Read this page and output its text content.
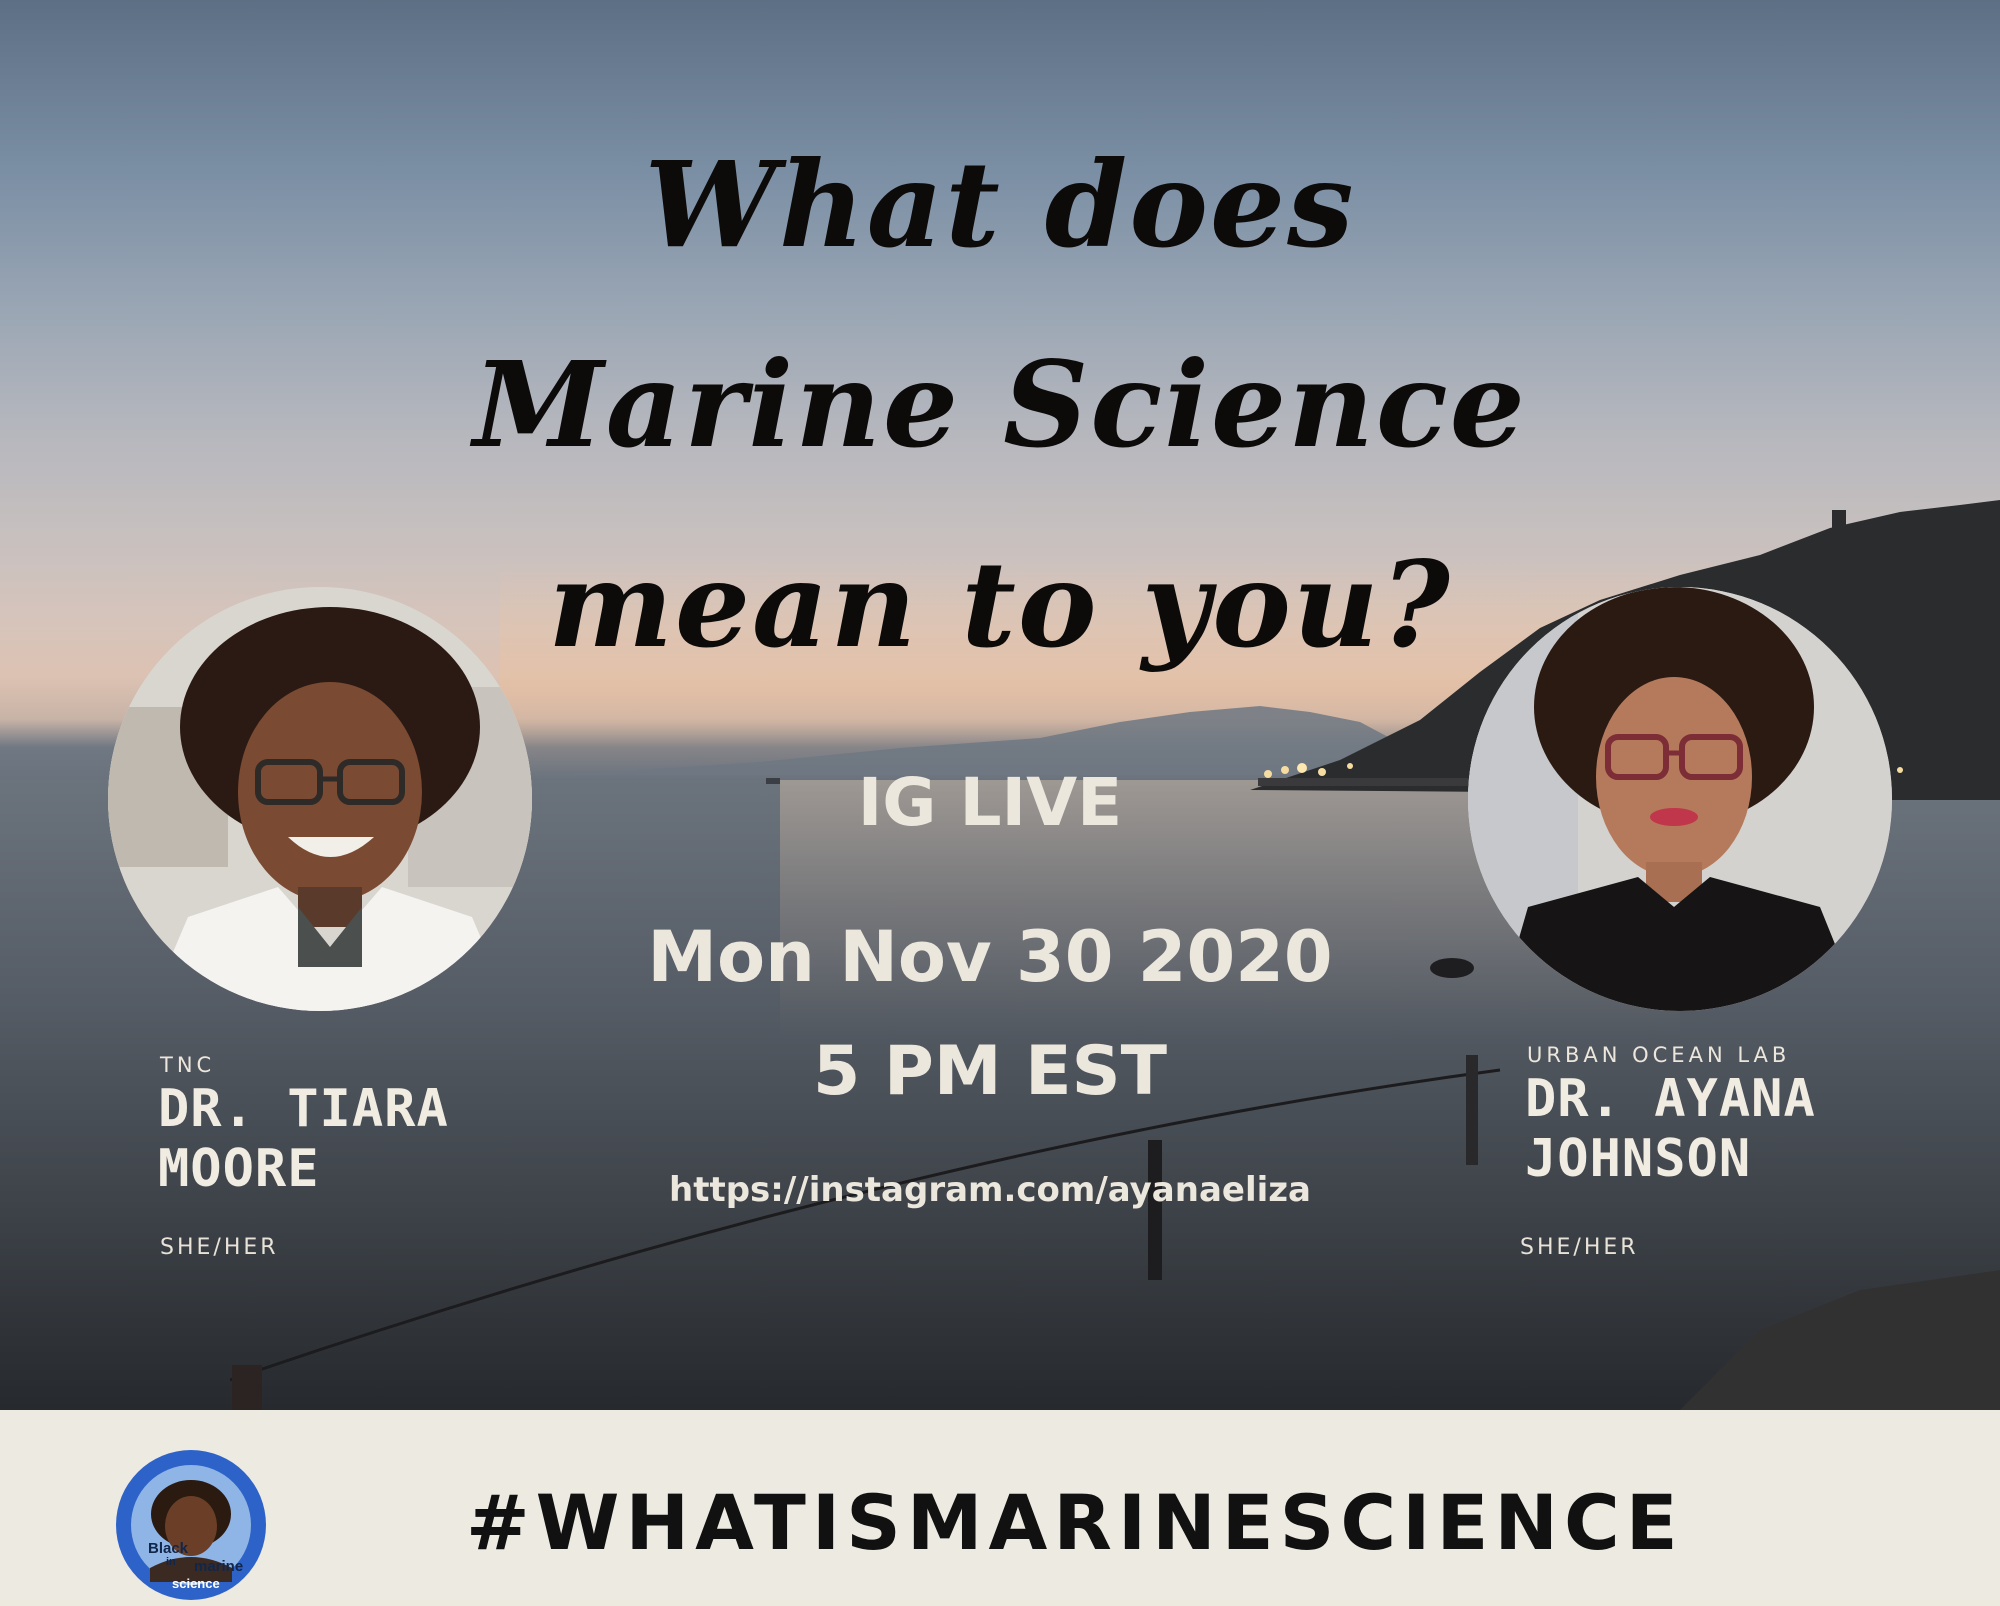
What does
Marine Science
mean to you?
IG LIVE
Mon Nov 30 2020
5 PM EST
https://instagram.com/ayanaeliza
TNC
DR. TIARA
MOORE
SHE/HER
URBAN OCEAN LAB
DR. AYANA
JOHNSON
SHE/HER
Black
in marine
science
#WHATISMARINESCIENCE
